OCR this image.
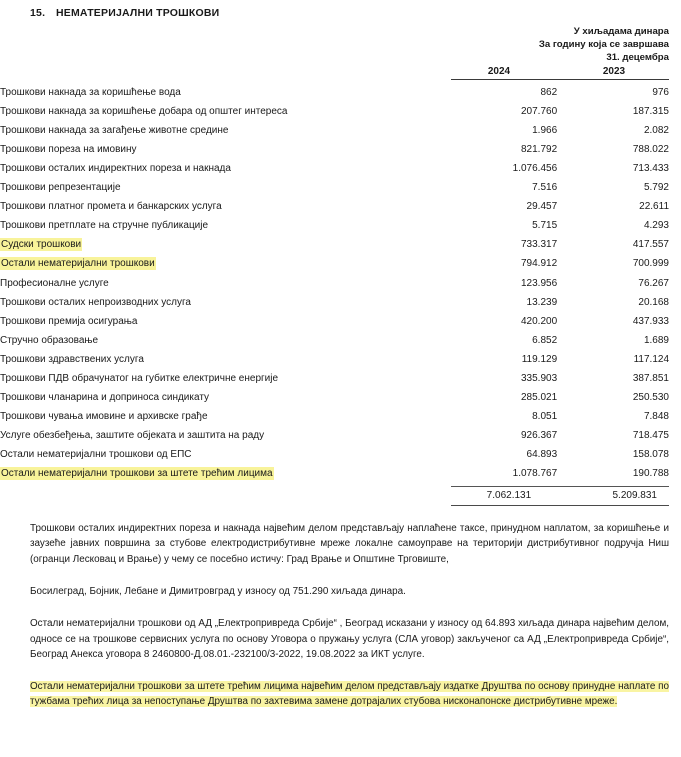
15.	НЕМАТЕРИЈАЛНИ ТРОШКОВИ
У хиљадама динара
За годину која се завршава
31. децембра
2024	2023
Трошкови накнада за коришћење вода	862	976
Трошкови накнада за коришћење добара од општег интереса	207.760	187.315
Трошкови накнада за загађење животне средине	1.966	2.082
Трошкови пореза на имовину	821.792	788.022
Трошкови осталих индиректних пореза и накнада	1.076.456	713.433
Трошкови репрезентације	7.516	5.792
Трошкови платног промета и банкарских услуга	29.457	22.611
Трошкови претплате на стручне публикације	5.715	4.293
Судски трошкови	733.317	417.557
Остали нематеријални трошкови	794.912	700.999
Професионалне услуге	123.956	76.267
Трошкови осталих непроизводних услуга	13.239	20.168
Трошкови премија осигурања	420.200	437.933
Стручно образовање	6.852	1.689
Трошкови здравствених услуга	119.129	117.124
Трошкови ПДВ обрачунатог на губитке електричне енергије	335.903	387.851
Трошкови чланарина и доприноса синдикату	285.021	250.530
Трошкови чувања имовине и архивске грађе	8.051	7.848
Услуге обезбеђења, заштите објеката и заштита на раду	926.367	718.475
Остали нематеријални трошкови од ЕПС	64.893	158.078
Остали нематеријални трошкови за штете трећим лицима	1.078.767	190.788
	7.062.131	5.209.831

Трошкови осталих индиректних пореза и накнада највећим делом представљају наплаћене таксе, принудном наплатом, за коришћење и заузеће јавних површина за стубове електродистрибутивне мреже локалне самоуправе на територији дистрибутивног подручја Ниш (огранци Лесковац и Врање) у чему се посебно истичу: Град Врање и Општине Трговиште,

Босилеград, Бојник, Лебане и Димитровград у износу од 751.290 хиљада динара.

Остали нематеријални трошкови од АД „Електропривреда Србије“ , Београд исказани у износу од 64.893 хиљада динара највећим делом, односе се на трошкове сервисних услуга по основу Уговора о пружању услуга (СЛА уговор) закљученог са АД „Електропривреда Србије“, Београд Анекса уговора 8 2460800-Д.08.01.-232100/3-2022, 19.08.2022 за ИКТ услуге.

Остали нематеријални трошкови за штете трећим лицима највећим делом представљају издатке Друштва по основу принудне наплате по тужбама трећих лица за непоступање Друштва по захтевима замене дотрајалих стубова нисконапонске дистрибутивне мреже.
